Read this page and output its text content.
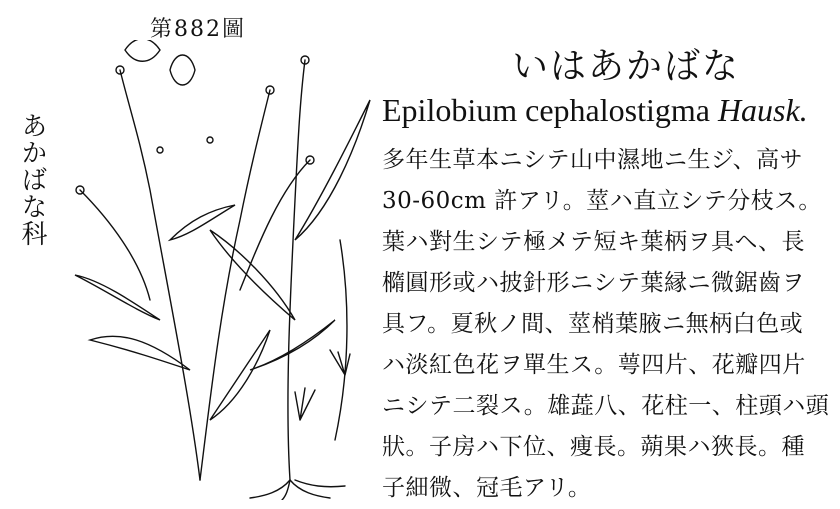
第882圖
あかばな科
いはあかばな
Epilobium cephalostigma Hausk.
多年生草本ニシテ山中濕地ニ生ジ、高サ
30-60cm 許アリ。莖ハ直立シテ分枝ス。
葉ハ對生シテ極メテ短キ葉柄ヲ具ヘ、長
橢圓形或ハ披針形ニシテ葉縁ニ微鋸齒ヲ
具フ。夏秋ノ間、莖梢葉腋ニ無柄白色或
ハ淡紅色花ヲ單生ス。萼四片、花瓣四片
ニシテ二裂ス。雄蕋八、花柱一、柱頭ハ頭
狀。子房ハ下位、痩長。蒴果ハ狹長。種
子細微、冠毛アリ。
